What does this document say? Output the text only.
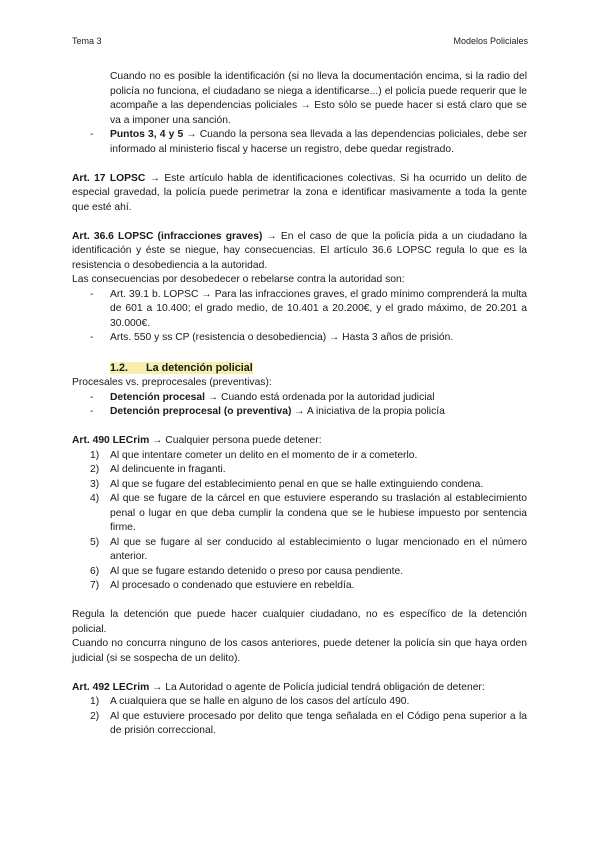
Tema 3	Modelos Policiales

Cuando no es posible la identificación (si no lleva la documentación encima, si la radio del policía no funciona, el ciudadano se niega a identificarse...) el policía puede requerir que le acompañe a las dependencias policiales → Esto sólo se puede hacer si está claro que se va a imponer una sanción.

- Puntos 3, 4 y 5 → Cuando la persona sea llevada a las dependencias policiales, debe ser informado al ministerio fiscal y hacerse un registro, debe quedar registrado.

Art. 17 LOPSC → Este artículo habla de identificaciones colectivas. Si ha ocurrido un delito de especial gravedad, la policía puede perimetrar la zona e identificar masivamente a toda la gente que esté ahí.

Art. 36.6 LOPSC (infracciones graves) → En el caso de que la policía pida a un ciudadano la identificación y éste se niegue, hay consecuencias. El artículo 36.6 LOPSC regula lo que es la resistencia o desobediencia a la autoridad.

Las consecuencias por desobedecer o rebelarse contra la autoridad son:

- Art. 39.1 b. LOPSC → Para las infracciones graves, el grado mínimo comprenderá la multa de 601 a 10.400; el grado medio, de 10.401 a 20.200€, y el grado máximo, de 20.201 a 30.000€.
- Arts. 550 y ss CP (resistencia o desobediencia) → Hasta 3 años de prisión.
1.2. La detención policial

Procesales vs. preprocesales (preventivas):

- Detención procesal → Cuando está ordenada por la autoridad judicial
- Detención preprocesal (o preventiva) → A iniciativa de la propia policía

Art. 490 LECrim → Cualquier persona puede detener:

1) Al que intentare cometer un delito en el momento de ir a cometerlo.
2) Al delincuente in fraganti.
3) Al que se fugare del establecimiento penal en que se halle extinguiendo condena.
4) Al que se fugare de la cárcel en que estuviere esperando su traslación al establecimiento penal o lugar en que deba cumplir la condena que se le hubiese impuesto por sentencia firme.
5) Al que se fugare al ser conducido al establecimiento o lugar mencionado en el número anterior.
6) Al que se fugare estando detenido o preso por causa pendiente.
7) Al procesado o condenado que estuviere en rebeldía.

Regula la detención que puede hacer cualquier ciudadano, no es específico de la detención policial.

Cuando no concurra ninguno de los casos anteriores, puede detener la policía sin que haya orden judicial (si se sospecha de un delito).

Art. 492 LECrim → La Autoridad o agente de Policía judicial tendrá obligación de detener:

1) A cualquiera que se halle en alguno de los casos del artículo 490.
2) Al que estuviere procesado por delito que tenga señalada en el Código pena superior a la de prisión correccional.
